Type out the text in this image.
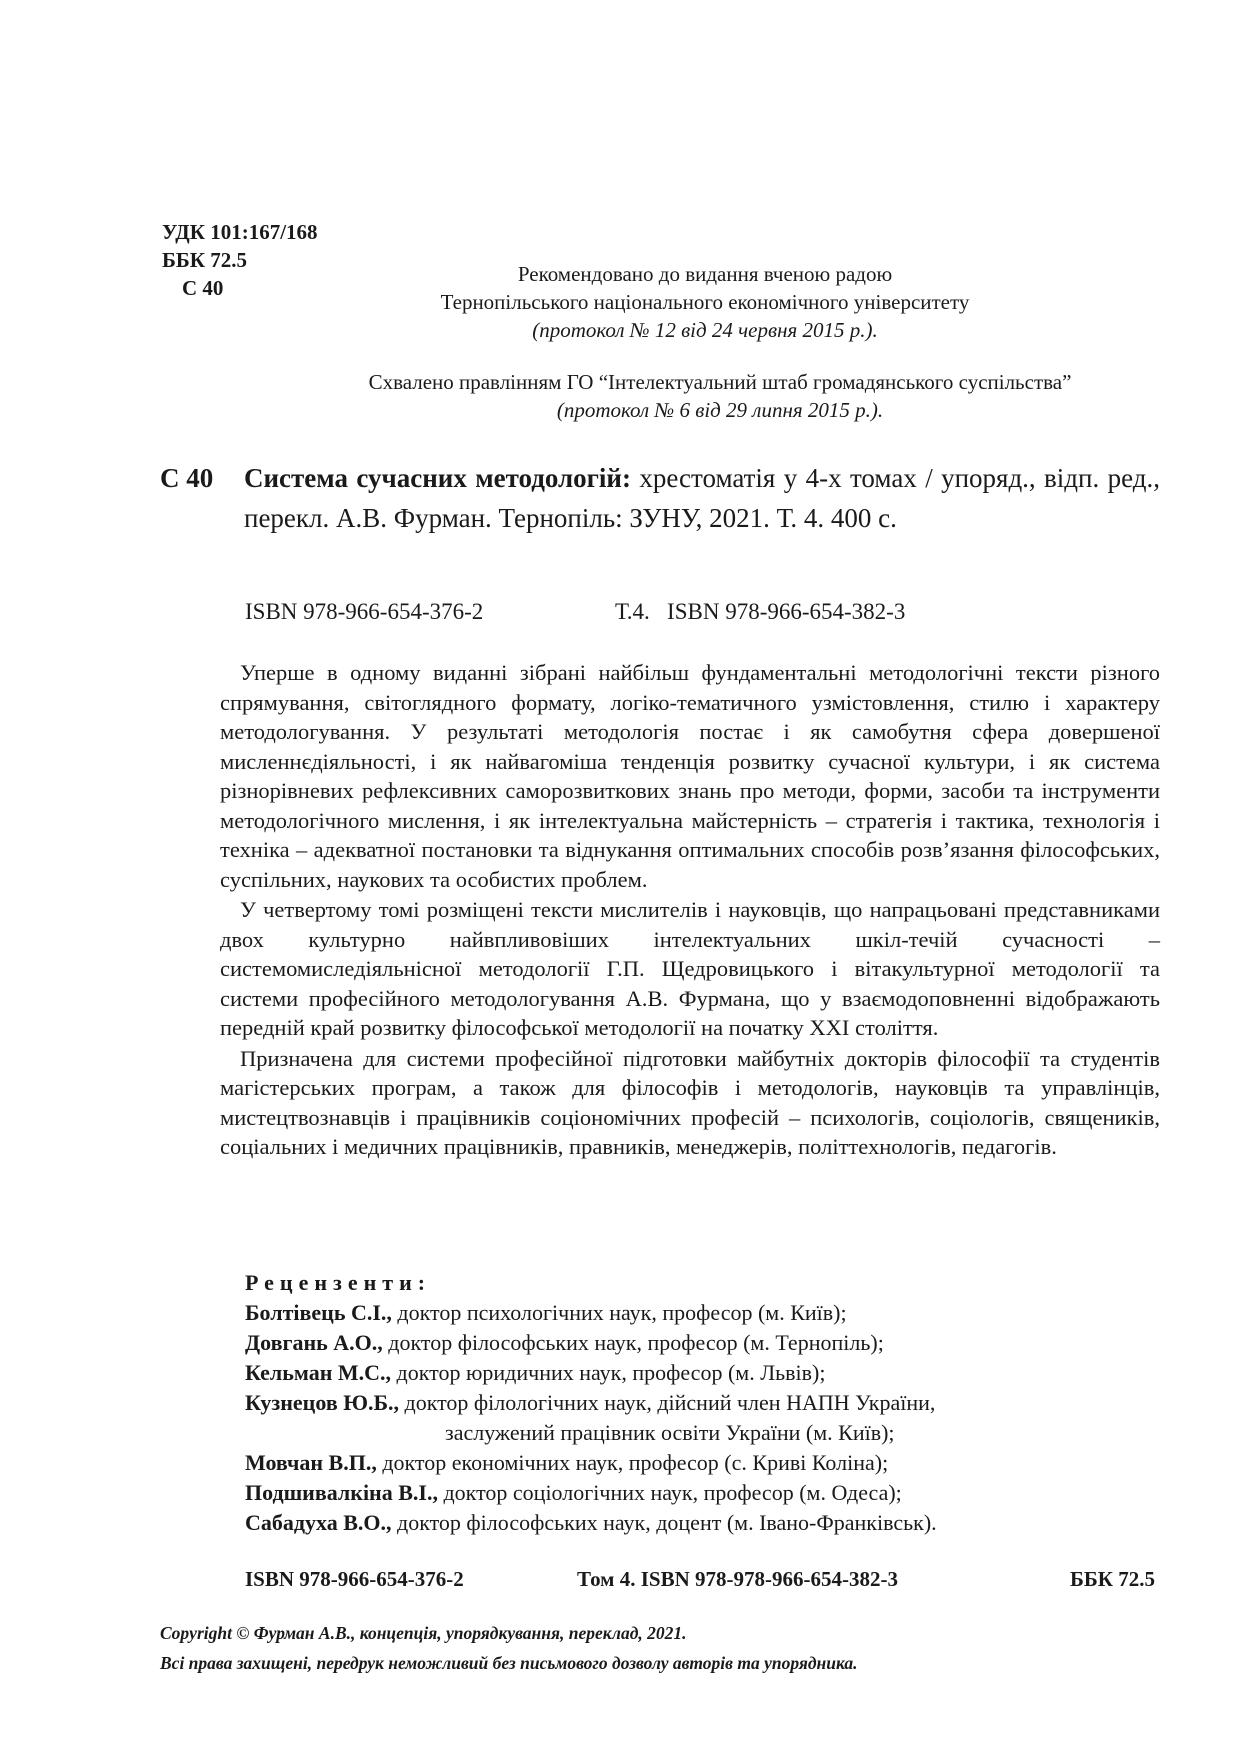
УДК 101:167/168
ББК 72.5
С 40
Рекомендовано до видання вченою радою
Тернопільського національного економічного університету
(протокол № 12 від 24 червня 2015 р.).
Схвалено правлінням ГО “Інтелектуальний штаб громадянського суспільства”
(протокол № 6 від 29 липня 2015 р.).
С 40 Система сучасних методологій: хрестоматія у 4-х томах / упоряд., відп. ред., перекл. А.В. Фурман. Тернопіль: ЗУНУ, 2021. Т. 4. 400 с.
ISBN 978-966-654-376-2	Т.4.   ISBN 978-966-654-382-3

Уперше в одному виданні зібрані найбільш фундаментальні методологічні тексти різного спрямування, світоглядного формату, логіко-тематичного узмістовлення, стилю і характеру методологування. У результаті методологія постає і як самобутня сфера довершеної мисленнєдіяльності, і як найвагоміша тенденція розвитку сучасної культури, і як система різнорівневих рефлексивних саморозвиткових знань про методи, форми, засоби та інструменти методологічного мислення, і як інтелектуальна майстерність – стратегія і тактика, технологія і техніка – адекватної постановки та віднукання оптимальних способів розв’язання філософських, суспільних, наукових та особистих проблем.

У четвертому томі розміщені тексти мислителів і науковців, що напрацьовані представниками двох культурно найвпливовіших інтелектуальних шкіл-течій сучасності – системомиследіяльнісної методології Г.П. Щедровицького і вітакультурної методології та системи професійного методологування А.В. Фурмана, що у взаємодоповненні відображають передній край розвитку філософської методології на початку XXI століття.

Призначена для системи професійної підготовки майбутніх докторів філософії та студентів магістерських програм, а також для філософів і методологів, науковців та управлінців, мистецтвознавців і працівників соціономічних професій – психологів, соціологів, священиків, соціальних і медичних працівників, правників, менеджерів, політтехнологів, педагогів.

Рецензенти:
Болтівець С.І., доктор психологічних наук, професор (м. Київ);
Довгань А.О., доктор філософських наук, професор (м. Тернопіль);
Кельман М.С., доктор юридичних наук, професор (м. Львів);
Кузнецов Ю.Б., доктор філологічних наук, дійсний член НАПН України,
заслужений працівник освіти України (м. Київ);
Мовчан В.П., доктор економічних наук, професор (с. Криві Коліна);
Подшивалкіна В.І., доктор соціологічних наук, професор (м. Одеса);
Сабадуха В.О., доктор філософських наук, доцент (м. Івано-Франківськ).
ISBN 978-966-654-376-2	Том 4. ISBN 978-978-966-654-382-3	ББК 72.5
Copyright © Фурман А.В., концепція, упорядкування, переклад, 2021.
Всі права захищені, передрук неможливий без письмового дозволу авторів та упорядника.
